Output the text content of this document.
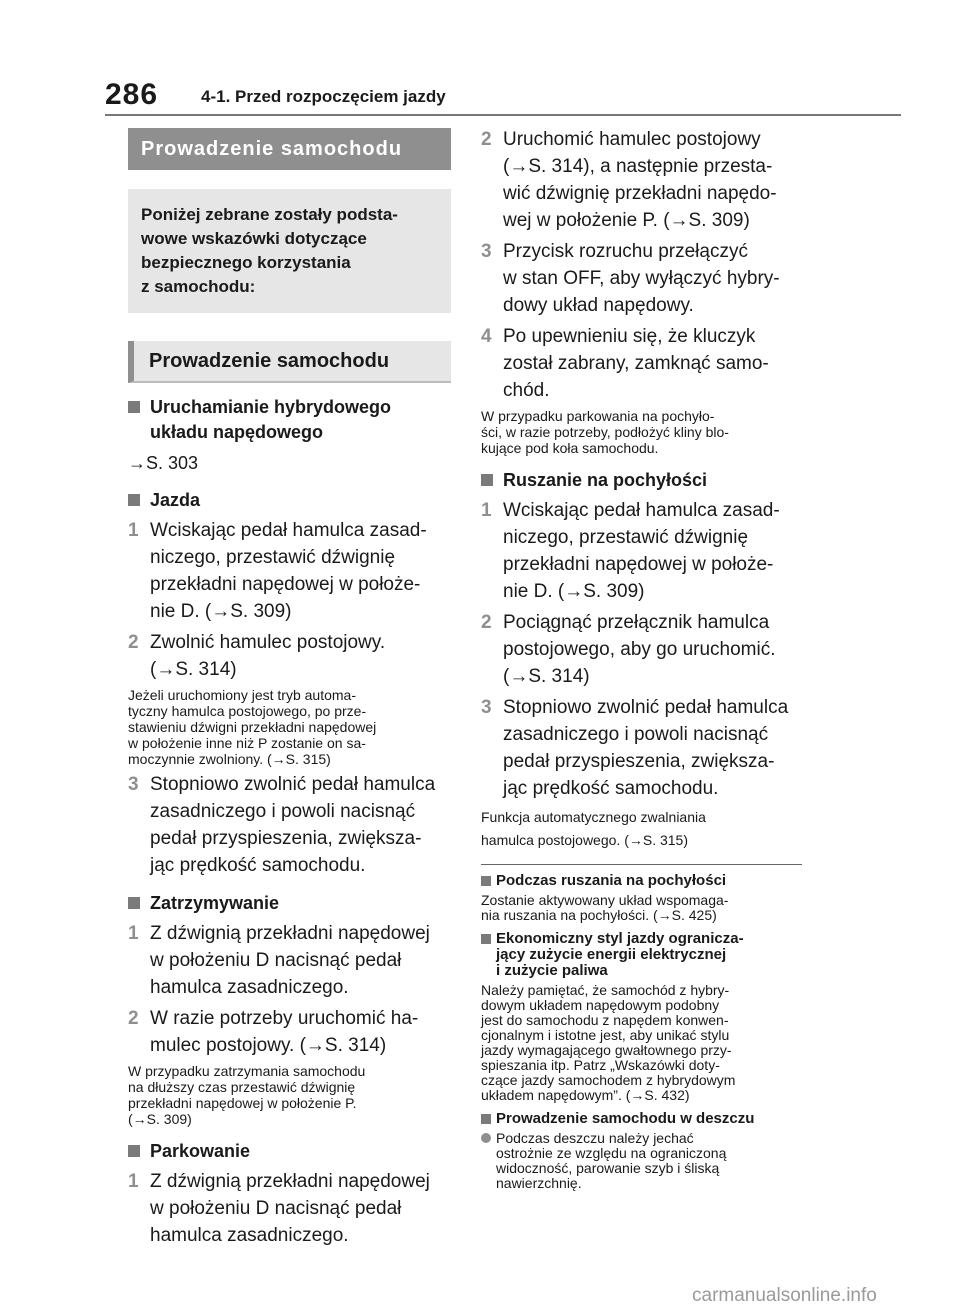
286	4-1. Przed rozpoczęciem jazdy
Prowadzenie samochodu
Poniżej zebrane zostały podsta-
wowe wskazówki dotyczące
bezpiecznego korzystania
z samochodu:
Prowadzenie samochodu
Uruchamianie hybrydowego
układu napędowego
→S. 303
Jazda
1 Wciskając pedał hamulca zasad-
niczego, przestawić dźwignię
przekładni napędowej w położe-
nie D. (→S. 309)
2 Zwolnić hamulec postojowy.
(→S. 314)
Jeżeli uruchomiony jest tryb automa-
tyczny hamulca postojowego, po prze-
stawieniu dźwigni przekładni napędowej
w położenie inne niż P zostanie on sa-
moczynnie zwolniony. (→S. 315)
3 Stopniowo zwolnić pedał hamulca
zasadniczego i powoli nacisnąć
pedał przyspieszenia, zwiększa-
jąc prędkość samochodu.
Zatrzymywanie
1 Z dźwignią przekładni napędowej
w położeniu D nacisnąć pedał
hamulca zasadniczego.
2 W razie potrzeby uruchomić ha-
mulec postojowy. (→S. 314)
W przypadku zatrzymania samochodu
na dłuższy czas przestawić dźwignię
przekładni napędowej w położenie P.
(→S. 309)
Parkowanie
1 Z dźwignią przekładni napędowej
w położeniu D nacisnąć pedał
hamulca zasadniczego.
2 Uruchomić hamulec postojowy
(→S. 314), a następnie przesta-
wić dźwignię przekładni napędo-
wej w położenie P. (→S. 309)
3 Przycisk rozruchu przełączyć
w stan OFF, aby wyłączyć hybry-
dowy układ napędowy.
4 Po upewnieniu się, że kluczyk
został zabrany, zamknąć samo-
chód.
W przypadku parkowania na pochyło-
ści, w razie potrzeby, podłożyć kliny blo-
kujące pod koła samochodu.
Ruszanie na pochyłości
1 Wciskając pedał hamulca zasad-
niczego, przestawić dźwignię
przekładni napędowej w położe-
nie D. (→S. 309)
2 Pociągnąć przełącznik hamulca
postojowego, aby go uruchomić.
(→S. 314)
3 Stopniowo zwolnić pedał hamulca
zasadniczego i powoli nacisnąć
pedał przyspieszenia, zwiększa-
jąc prędkość samochodu.
Funkcja automatycznego zwalniania
hamulca postojowego. (→S. 315)
Podczas ruszania na pochyłości
Zostanie aktywowany układ wspomaga-
nia ruszania na pochyłości. (→S. 425)
Ekonomiczny styl jazdy ogranicza-
jący zużycie energii elektrycznej
i zużycie paliwa
Należy pamiętać, że samochód z hybry-
dowym układem napędowym podobny
jest do samochodu z napędem konwen-
cjonalnym i istotne jest, aby unikać stylu
jazdy wymagającego gwałtownego przy-
spieszania itp. Patrz „Wskazówki doty-
czące jazdy samochodem z hybrydowym
układem napędowym”. (→S. 432)
Prowadzenie samochodu w deszczu
Podczas deszczu należy jechać
ostrożnie ze względu na ograniczoną
widoczność, parowanie szyb i śliską
nawierzchnię.
carmanualsonline.info
